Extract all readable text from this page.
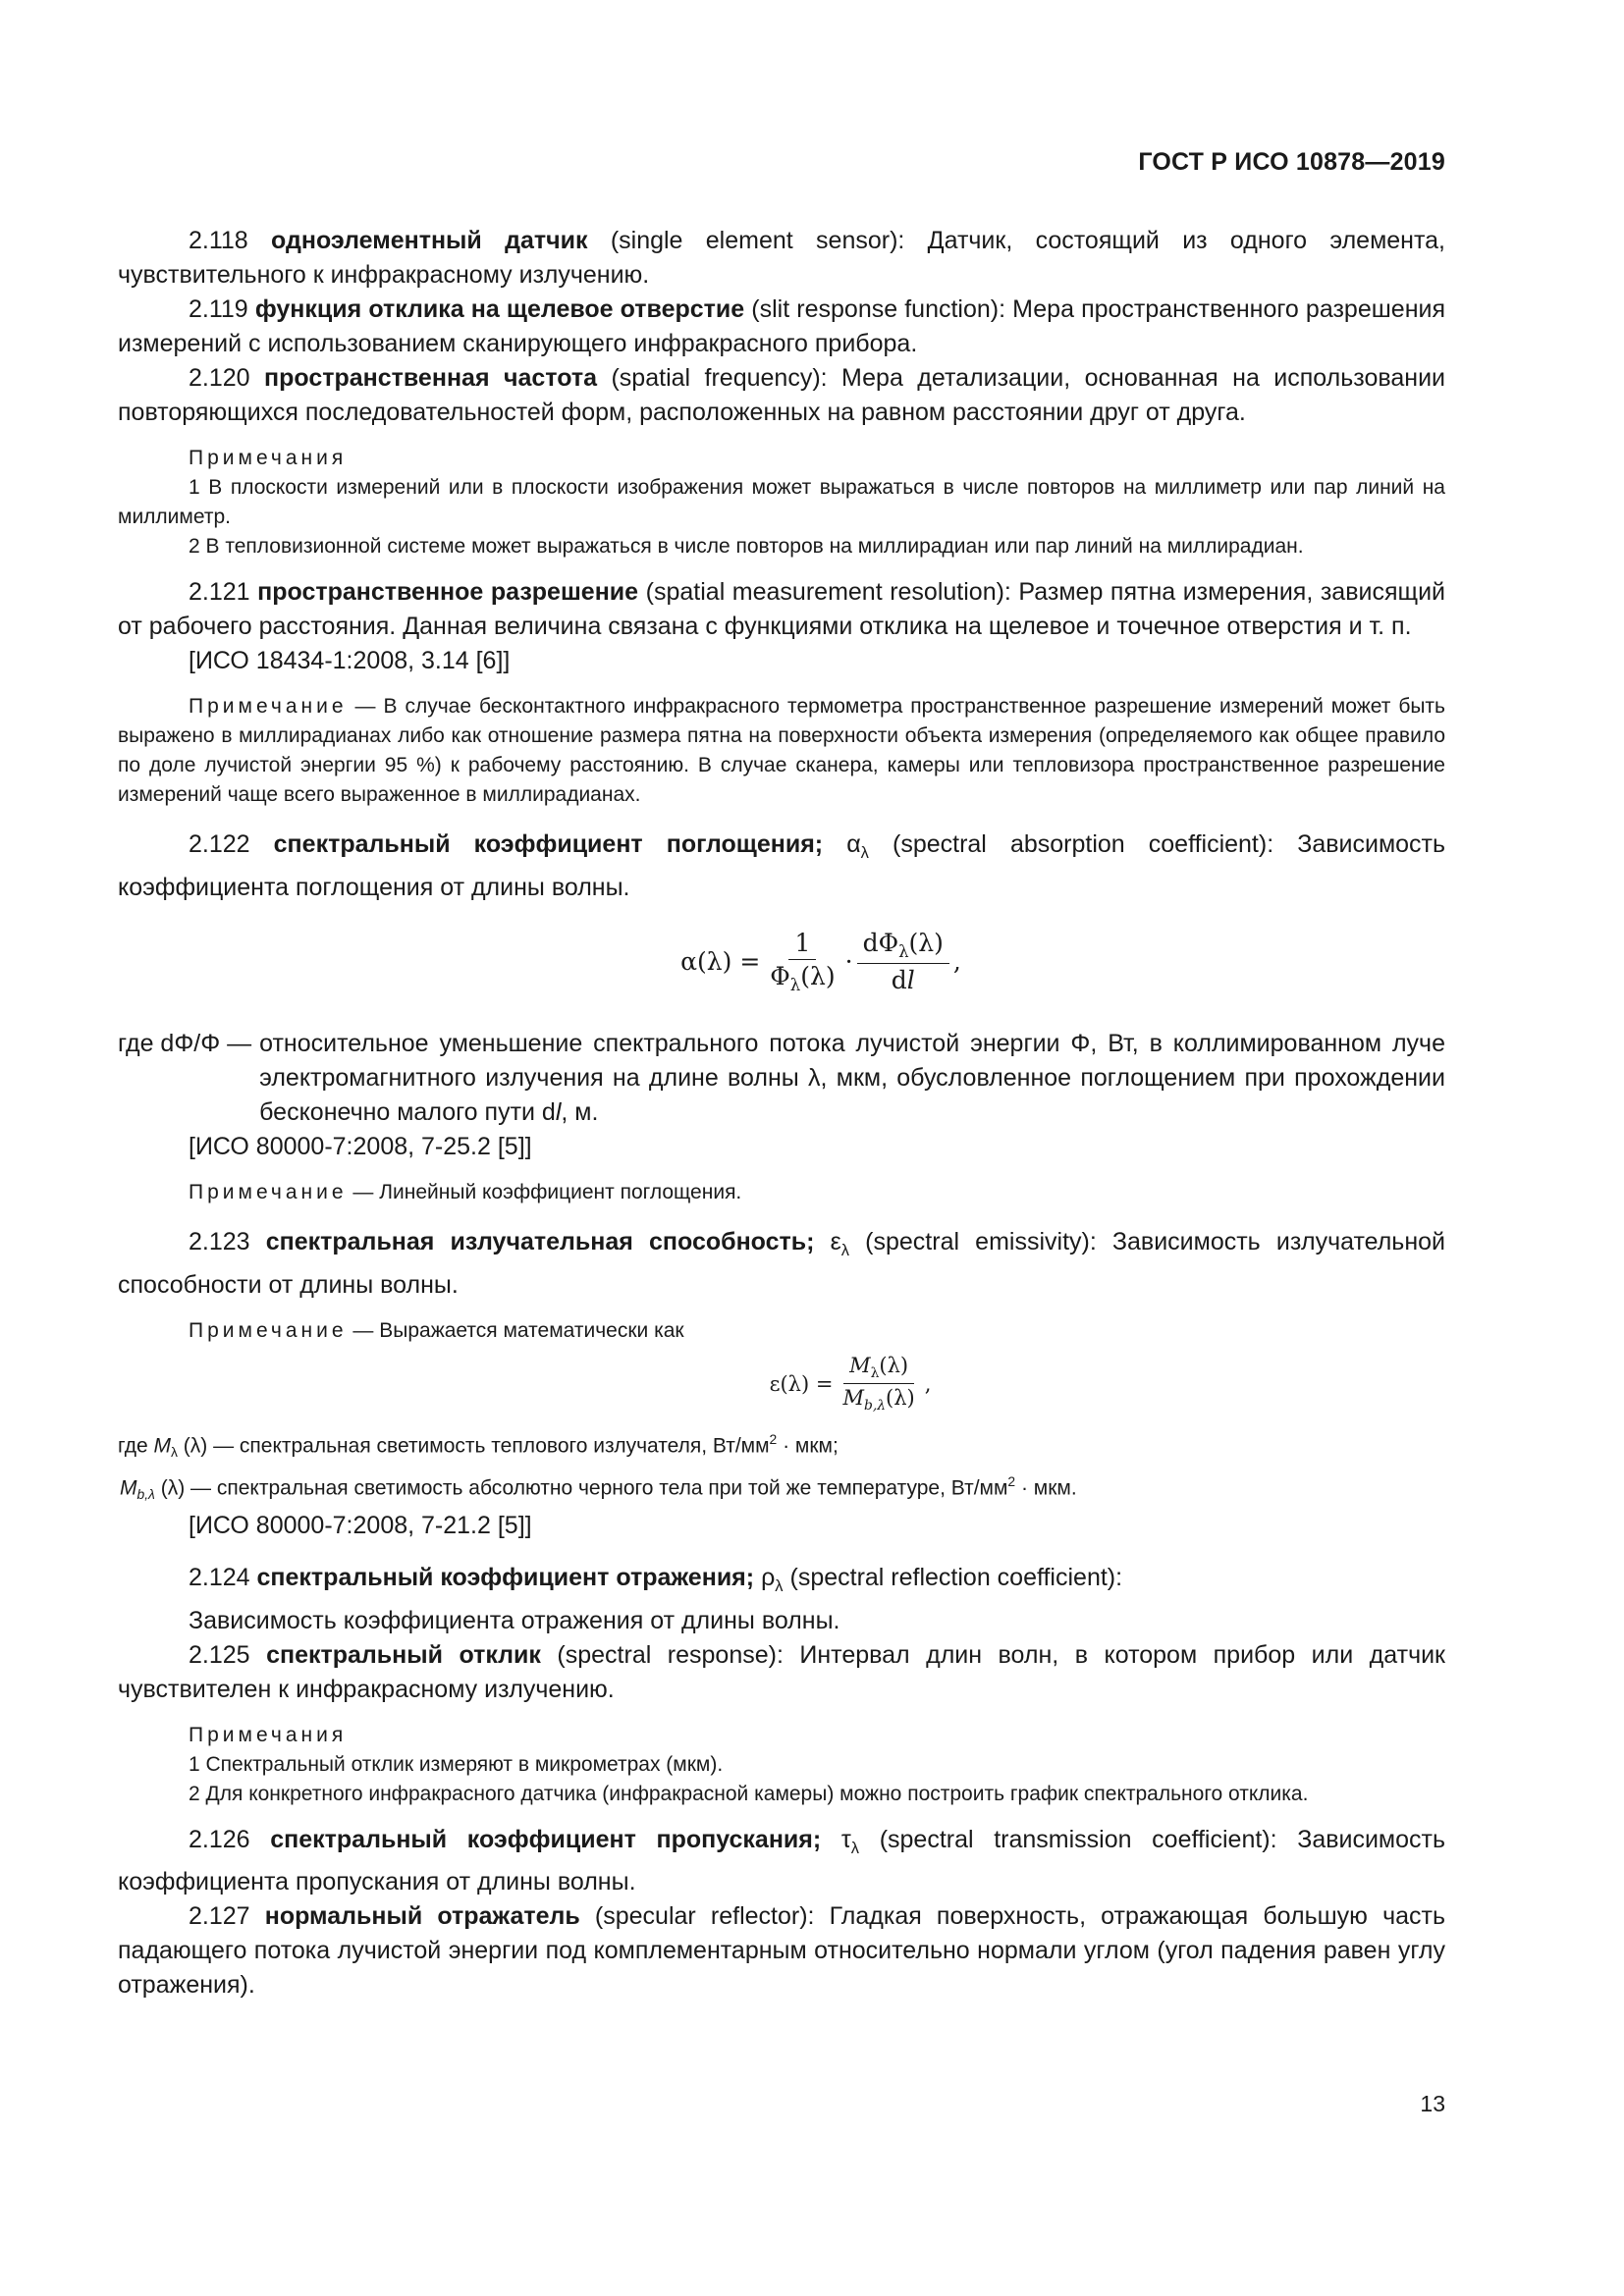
ГОСТ Р ИСО 10878—2019

2.118 одноэлементный датчик (single element sensor): Датчик, состоящий из одного элемента, чувствительного к инфракрасному излучению.

2.119 функция отклика на щелевое отверстие (slit response function): Мера пространственного разрешения измерений с использованием сканирующего инфракрасного прибора.

2.120 пространственная частота (spatial frequency): Мера детализации, основанная на использовании повторяющихся последовательностей форм, расположенных на равном расстоянии друг от друга.

Примечания

1 В плоскости измерений или в плоскости изображения может выражаться в числе повторов на миллиметр или пар линий на миллиметр.

2 В тепловизионной системе может выражаться в числе повторов на миллирадиан или пар линий на миллирадиан.

2.121 пространственное разрешение (spatial measurement resolution): Размер пятна измерения, зависящий от рабочего расстояния. Данная величина связана с функциями отклика на щелевое и точечное отверстия и т. п.

[ИСО 18434-1:2008, 3.14 [6]]

Примечание — В случае бесконтактного инфракрасного термометра пространственное разрешение измерений может быть выражено в миллирадианах либо как отношение размера пятна на поверхности объекта измерения (определяемого как общее правило по доле лучистой энергии 95 %) к рабочему расстоянию. В случае сканера, камеры или тепловизора пространственное разрешение измерений чаще всего выраженное в миллирадианах.

2.122 спектральный коэффициент поглощения; $\alpha_\lambda$ (spectral absorption coefficient): Зависимость коэффициента поглощения от длины волны.

$\alpha(\lambda) = \frac{1}{\Phi_\lambda(\lambda)} \cdot \frac{d\Phi_\lambda(\lambda)}{dl}$ ,
где dΦ/Φ — относительное уменьшение спектрального потока лучистой энергии Φ, Вт, в коллимированном луче электромагнитного излучения на длине волны λ, мкм, обусловленное поглощением при прохождении бесконечно малого пути dl, м.

[ИСО 80000-7:2008, 7-25.2 [5]]

Примечание — Линейный коэффициент поглощения.

2.123 спектральная излучательная способность; $\varepsilon_\lambda$ (spectral emissivity): Зависимость излучательной способности от длины волны.

Примечание — Выражается математически как

$\varepsilon(\lambda) = \frac{M_\lambda(\lambda)}{M_{b,\lambda}(\lambda)}$ ,

где $M_\lambda$ (λ) — спектральная светимость теплового излучателя, $Вт/мм^2$ · мкм;

$M_{b,\lambda}$ (λ) — спектральная светимость абсолютно черного тела при той же температуре, $Вт/мм^2$ · мкм.

[ИСО 80000-7:2008, 7-21.2 [5]]

2.124 спектральный коэффициент отражения; $\rho_\lambda$ (spectral reflection coefficient):

Зависимость коэффициента отражения от длины волны.

2.125 спектральный отклик (spectral response): Интервал длин волн, в котором прибор или датчик чувствителен к инфракрасному излучению.

Примечания

1 Спектральный отклик измеряют в микрометрах (мкм).

2 Для конкретного инфракрасного датчика (инфракрасной камеры) можно построить график спектрального отклика.

2.126 спектральный коэффициент пропускания; $\tau_\lambda$ (spectral transmission coefficient): Зависимость коэффициента пропускания от длины волны.

2.127 нормальный отражатель (specular reflector): Гладкая поверхность, отражающая большую часть падающего потока лучистой энергии под комплементарным относительно нормали углом (угол падения равен углу отражения).

13
